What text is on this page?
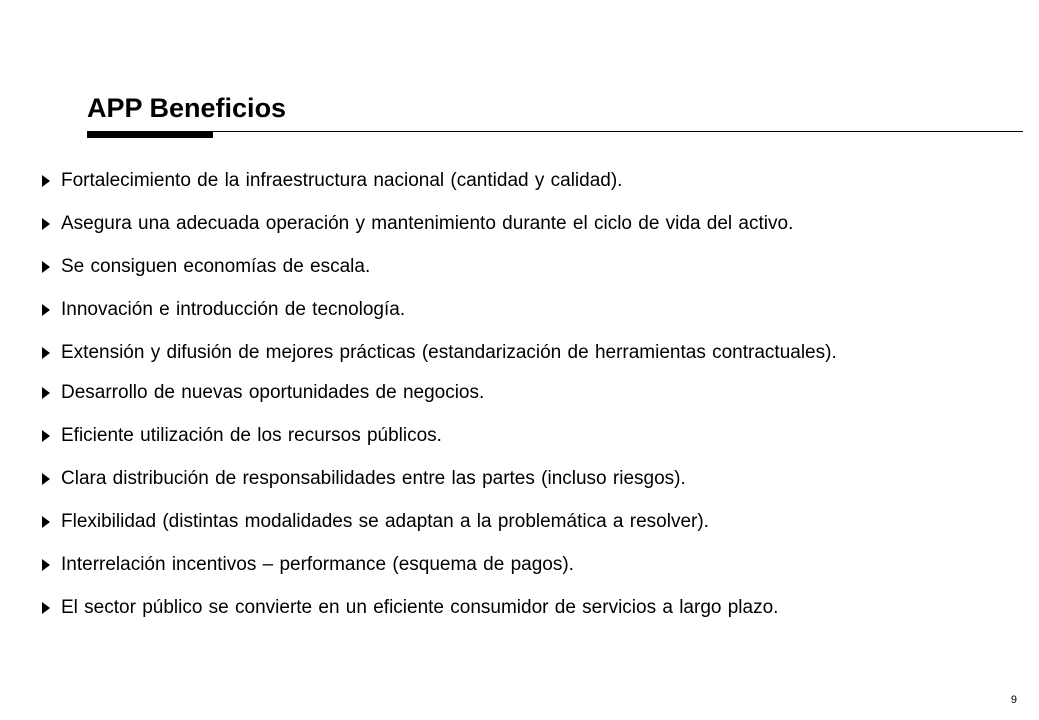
APP Beneficios
Fortalecimiento de la infraestructura nacional (cantidad y calidad).
Asegura una adecuada operación y mantenimiento durante el ciclo de vida del activo.
Se consiguen economías de escala.
Innovación e introducción de tecnología.
Extensión y difusión de mejores prácticas (estandarización de herramientas contractuales).
Desarrollo de nuevas oportunidades de negocios.
Eficiente utilización de los recursos públicos.
Clara distribución de responsabilidades entre las partes (incluso riesgos).
Flexibilidad (distintas modalidades se adaptan a la problemática a resolver).
Interrelación incentivos – performance (esquema de pagos).
El sector público se convierte en un eficiente consumidor de servicios a largo plazo.
9
